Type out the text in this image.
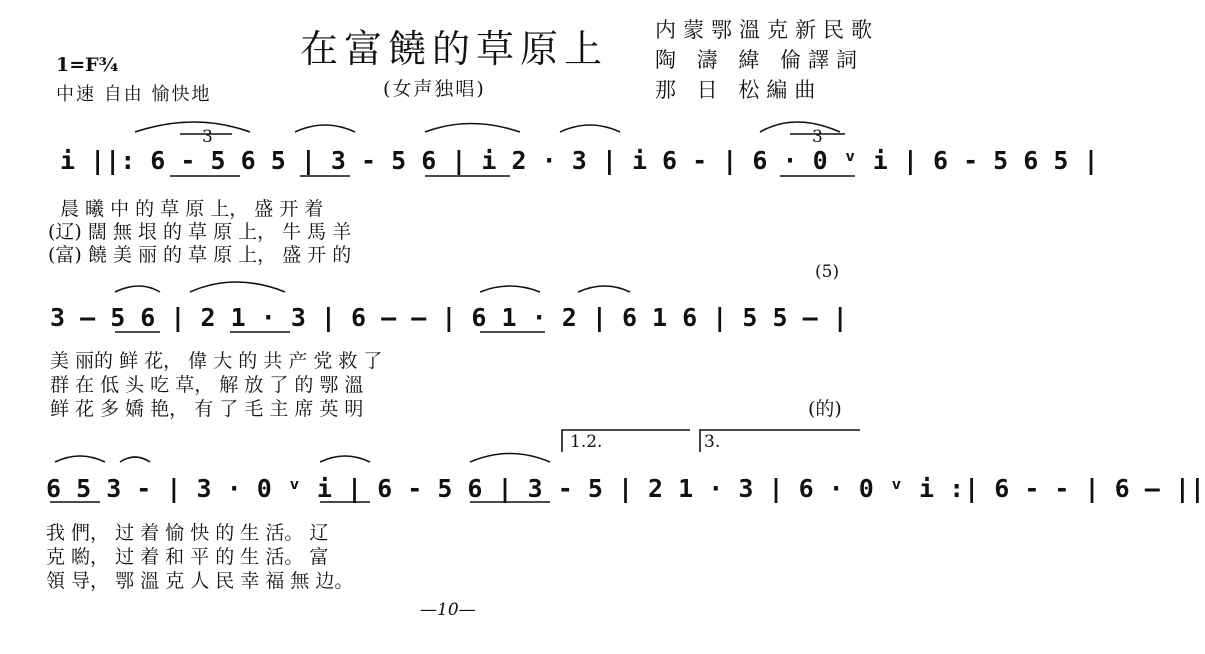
在富饒的草原上
(女声独唱)
内蒙鄂溫克新民歌
陶 濤 緯 倫譯詞
那 日 松編曲
1=F¾
中速 自由 愉快地
i ||: 6 - 5 6 5 | 3 - 5 6 | i 2 · 3 | i 6 - | 6 · 0 ᵛ i | 6 - 5 6 5 |
晨 曦 中 的 草 原 上， 盛 开 着
(辽) 闊 無 垠 的 草 原 上， 牛 馬 羊
(富) 饒 美 丽 的 草 原 上， 盛 开 的
3	3
(5)
3 — 5 6 | 2 1 · 3 | 6 — — | 6 1 · 2 | 6 1 6 | 5 5 — |
美 丽的 鲜 花， 偉 大 的 共 产 党 救 了
群 在 低 头 吃 草， 解 放 了 的 鄂 溫
鲜 花 多 嬌 艳， 有 了 毛 主 席 英 明	(的)
1.2.	3.
6 5 3 - | 3 · 0 ᵛ i | 6 - 5 6 | 3 - 5 | 2 1 · 3 | 6 · 0 ᵛ i :| 6 - - | 6 — ||
我 們， 过 着 愉 快 的 生 活。 辽
克 喲， 过 着 和 平 的 生 活。 富
領 导， 鄂 溫 克 人 民 幸 福 無 边。
—10—
